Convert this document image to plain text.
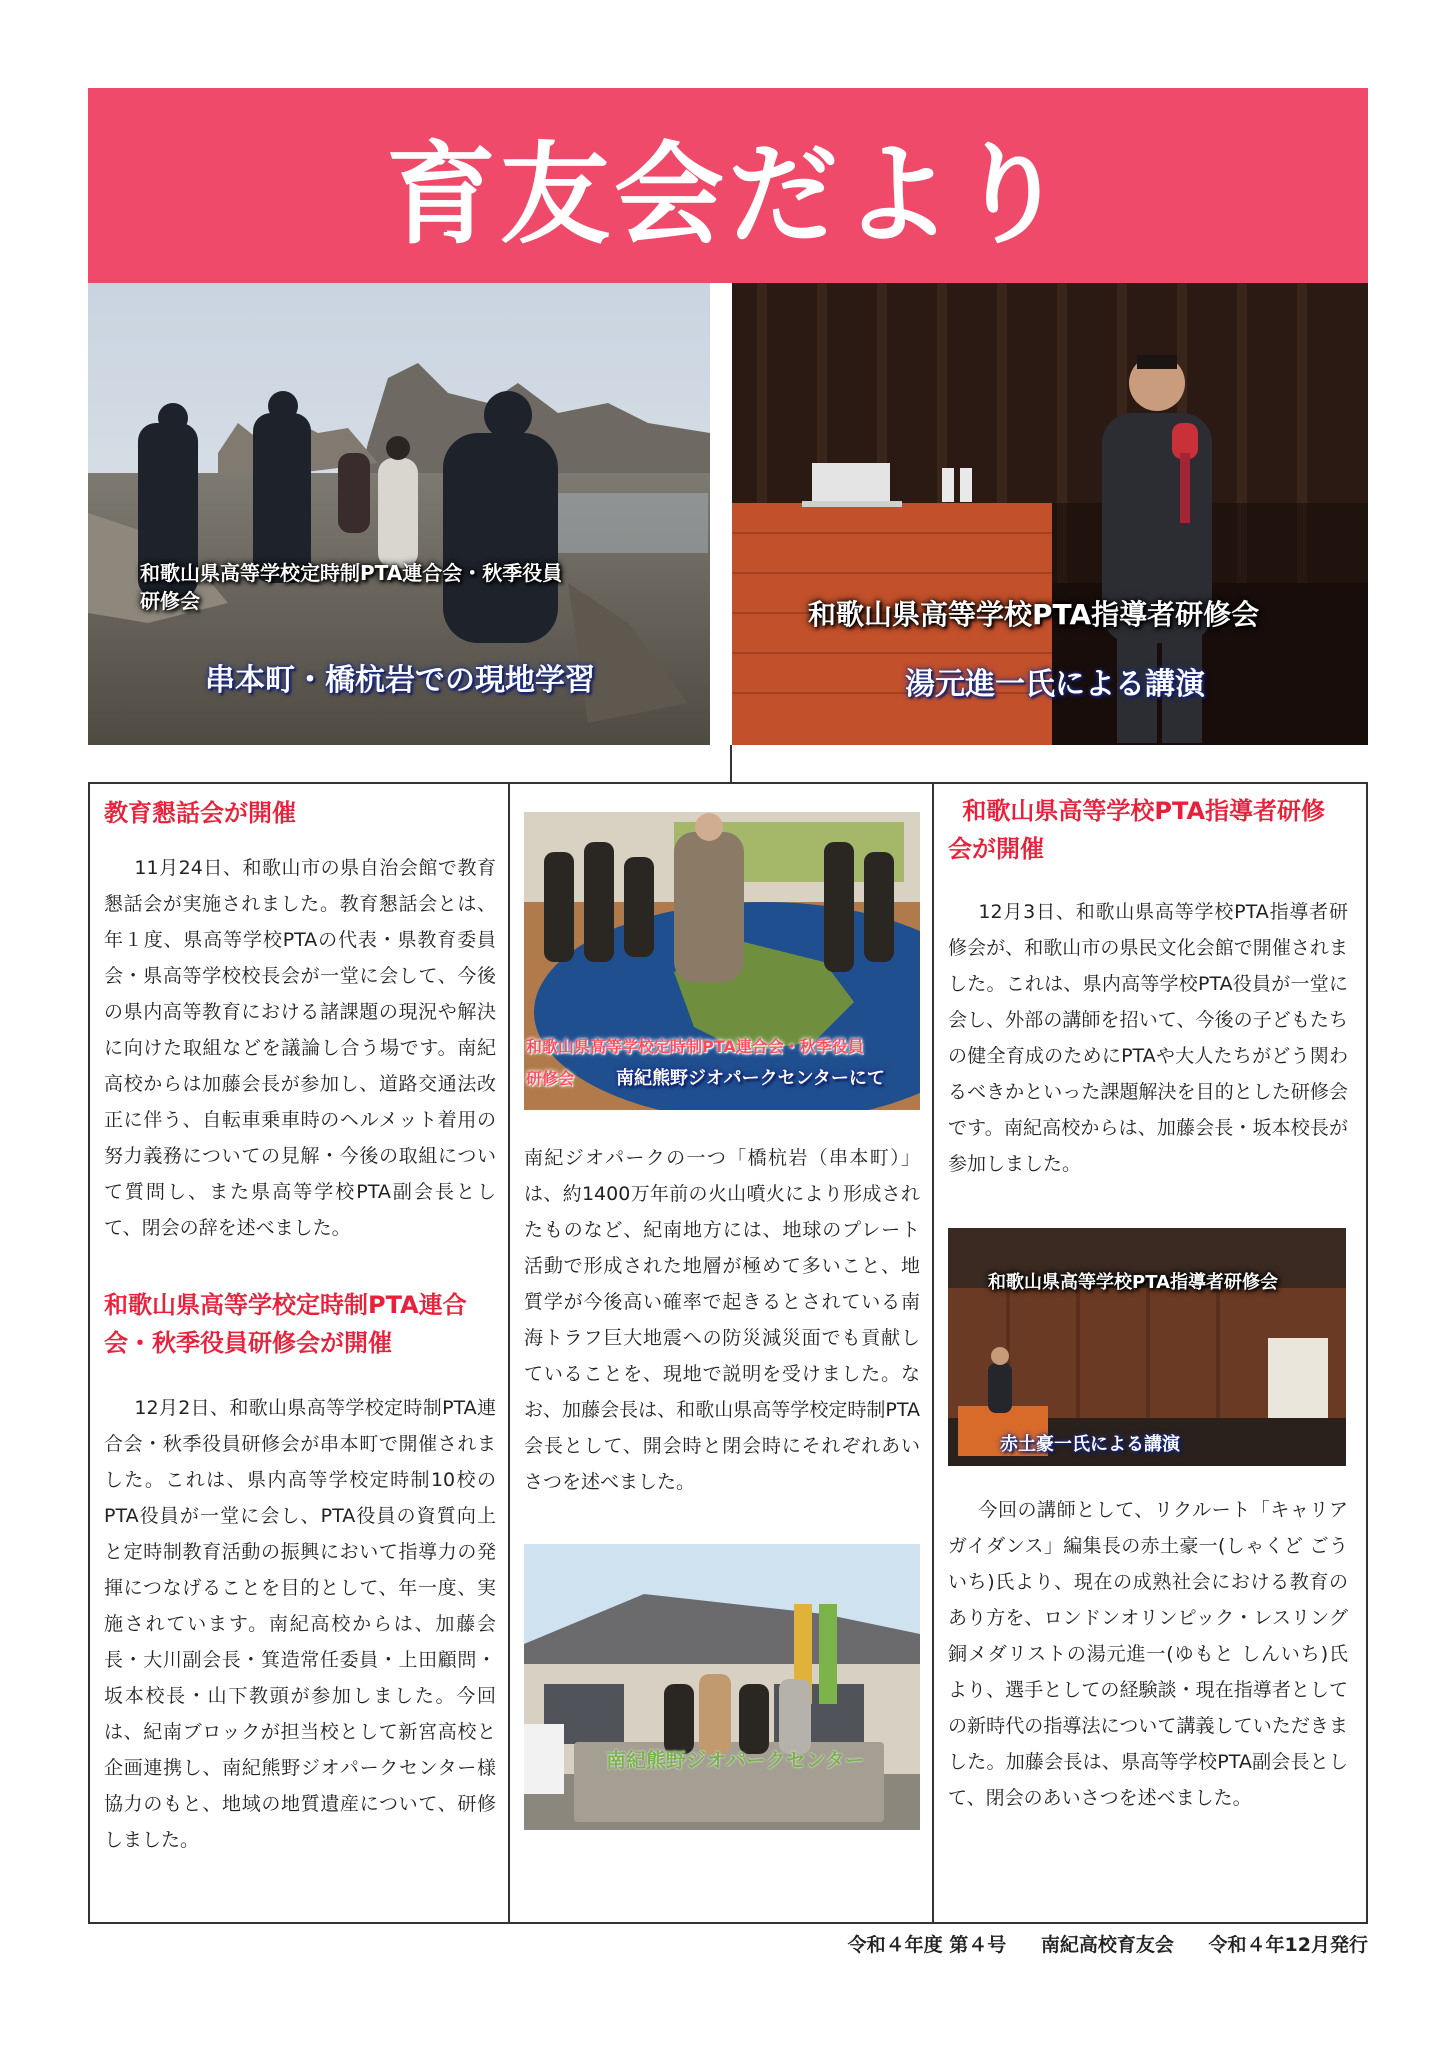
育友会だより
和歌山県高等学校定時制PTA連合会・秋季役員
研修会
串本町・橋杭岩での現地学習
和歌山県高等学校PTA指導者研修会
湯元進一氏による講演
教育懇話会が開催
11月24日、和歌山市の県自治会館で教育懇話会が実施されました。教育懇話会とは、年１度、県高等学校PTAの代表・県教育委員会・県高等学校校長会が一堂に会して、今後の県内高等教育における諸課題の現況や解決に向けた取組などを議論し合う場です。南紀高校からは加藤会長が参加し、道路交通法改正に伴う、自転車乗車時のヘルメット着用の努力義務についての見解・今後の取組について質問し、また県高等学校PTA副会長として、閉会の辞を述べました。
和歌山県高等学校定時制PTA連合会・秋季役員研修会が開催
12月2日、和歌山県高等学校定時制PTA連合会・秋季役員研修会が串本町で開催されました。これは、県内高等学校定時制10校のPTA役員が一堂に会し、PTA役員の資質向上と定時制教育活動の振興において指導力の発揮につなげることを目的として、年一度、実施されています。南紀高校からは、加藤会長・大川副会長・箕造常任委員・上田顧問・坂本校長・山下教頭が参加しました。今回は、紀南ブロックが担当校として新宮高校と企画連携し、南紀熊野ジオパークセンター様協力のもと、地域の地質遺産について、研修しました。
和歌山県高等学校定時制PTA連合会・秋季役員
研修会 南紀熊野ジオパークセンターにて
南紀ジオパークの一つ「橋杭岩（串本町）」は、約1400万年前の火山噴火により形成されたものなど、紀南地方には、地球のプレート活動で形成された地層が極めて多いこと、地質学が今後高い確率で起きるとされている南海トラフ巨大地震への防災減災面でも貢献していることを、現地で説明を受けました。なお、加藤会長は、和歌山県高等学校定時制PTA会長として、開会時と閉会時にそれぞれあいさつを述べました。
南紀熊野ジオパークセンター
和歌山県高等学校PTA指導者研修会が開催
12月3日、和歌山県高等学校PTA指導者研修会が、和歌山市の県民文化会館で開催されました。これは、県内高等学校PTA役員が一堂に会し、外部の講師を招いて、今後の子どもたちの健全育成のためにPTAや大人たちがどう関わるべきかといった課題解決を目的とした研修会です。南紀高校からは、加藤会長・坂本校長が参加しました。
和歌山県高等学校PTA指導者研修会
赤土豪一氏による講演
今回の講師として、リクルート「キャリアガイダンス」編集長の赤土豪一(しゃくど ごういち)氏より、現在の成熟社会における教育のあり方を、ロンドンオリンピック・レスリング銅メダリストの湯元進一(ゆもと しんいち)氏より、選手としての経験談・現在指導者としての新時代の指導法について講義していただきました。加藤会長は、県高等学校PTA副会長として、閉会のあいさつを述べました。
令和４年度 第４号 南紀高校育友会 令和４年12月発行
